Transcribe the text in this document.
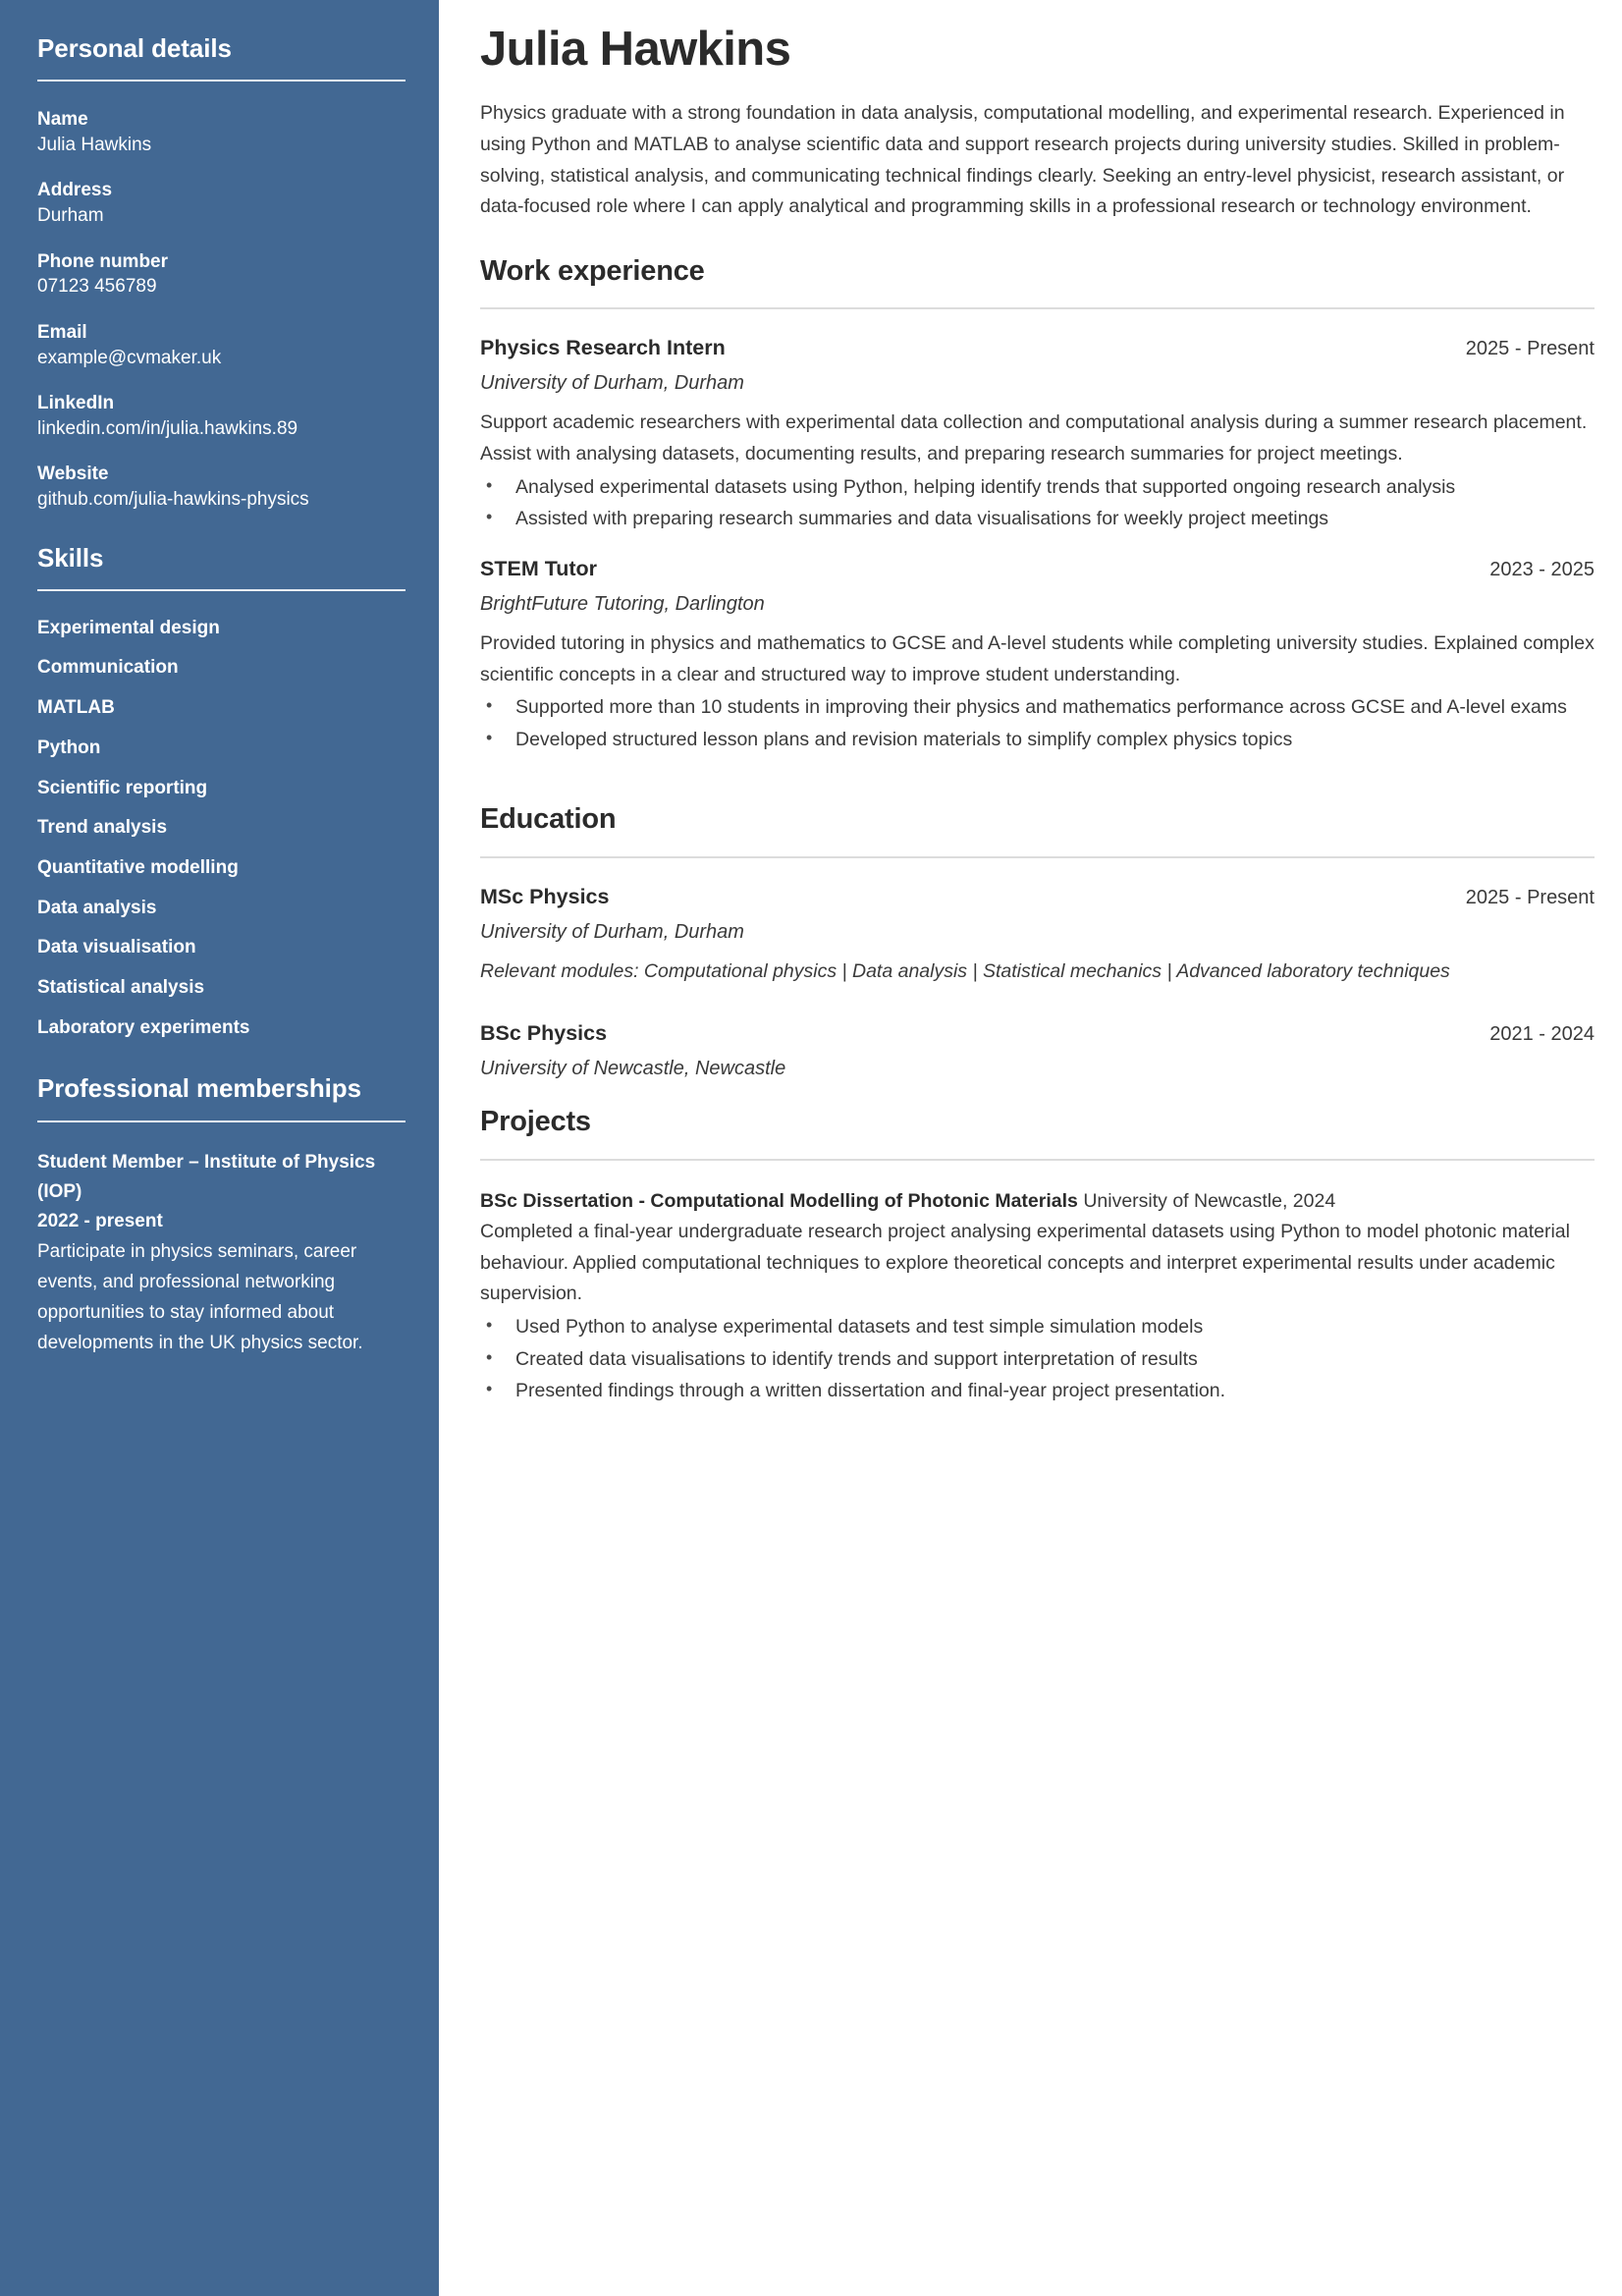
Personal details
Name
Julia Hawkins
Address
Durham
Phone number
07123 456789
Email
example@cvmaker.uk
LinkedIn
linkedin.com/in/julia.hawkins.89
Website
github.com/julia-hawkins-physics
Skills
Experimental design
Communication
MATLAB
Python
Scientific reporting
Trend analysis
Quantitative modelling
Data analysis
Data visualisation
Statistical analysis
Laboratory experiments
Professional memberships
Student Member – Institute of Physics (IOP)
2022 - present
Participate in physics seminars, career events, and professional networking opportunities to stay informed about developments in the UK physics sector.
Julia Hawkins

Physics graduate with a strong foundation in data analysis, computational modelling, and experimental research. Experienced in using Python and MATLAB to analyse scientific data and support research projects during university studies. Skilled in problem-solving, statistical analysis, and communicating technical findings clearly. Seeking an entry-level physicist, research assistant, or data-focused role where I can apply analytical and programming skills in a professional research or technology environment.

Work experience
Physics Research Intern	2025 - Present
University of Durham, Durham
Support academic researchers with experimental data collection and computational analysis during a summer research placement. Assist with analysing datasets, documenting results, and preparing research summaries for project meetings.
• Analysed experimental datasets using Python, helping identify trends that supported ongoing research analysis
• Assisted with preparing research summaries and data visualisations for weekly project meetings
STEM Tutor	2023 - 2025
BrightFuture Tutoring, Darlington
Provided tutoring in physics and mathematics to GCSE and A-level students while completing university studies. Explained complex scientific concepts in a clear and structured way to improve student understanding.
• Supported more than 10 students in improving their physics and mathematics performance across GCSE and A-level exams
• Developed structured lesson plans and revision materials to simplify complex physics topics
Education
MSc Physics	2025 - Present
University of Durham, Durham
Relevant modules: Computational physics | Data analysis | Statistical mechanics | Advanced laboratory techniques
BSc Physics	2021 - 2024
University of Newcastle, Newcastle
Projects
BSc Dissertation - Computational Modelling of Photonic Materials University of Newcastle, 2024
Completed a final-year undergraduate research project analysing experimental datasets using Python to model photonic material behaviour. Applied computational techniques to explore theoretical concepts and interpret experimental results under academic supervision.
• Used Python to analyse experimental datasets and test simple simulation models
• Created data visualisations to identify trends and support interpretation of results
• Presented findings through a written dissertation and final-year project presentation.
